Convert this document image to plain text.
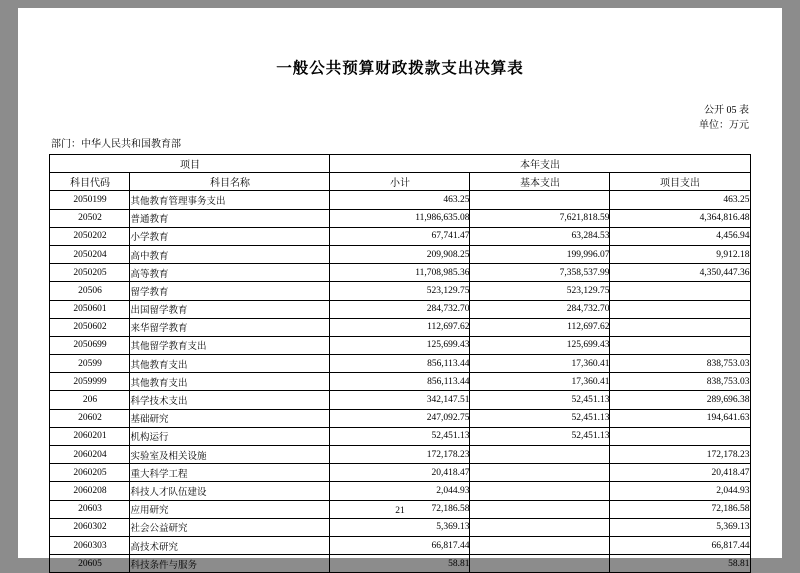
一般公共预算财政拨款支出决算表
公开 05 表
单位：万元
部门：中华人民共和国教育部
项目		本年支出		
科目代码	科目名称	小计	基本支出	项目支出
2050199	其他教育管理事务支出	463.25		463.25
20502	普通教育	11,986,635.08	7,621,818.59	4,364,816.48
2050202	小学教育	67,741.47	63,284.53	4,456.94
2050204	高中教育	209,908.25	199,996.07	9,912.18
2050205	高等教育	11,708,985.36	7,358,537.99	4,350,447.36
20506	留学教育	523,129.75	523,129.75	
2050601	出国留学教育	284,732.70	284,732.70	
2050602	来华留学教育	112,697.62	112,697.62	
2050699	其他留学教育支出	125,699.43	125,699.43	
20599	其他教育支出	856,113.44	17,360.41	838,753.03
2059999	其他教育支出	856,113.44	17,360.41	838,753.03
206	科学技术支出	342,147.51	52,451.13	289,696.38
20602	基础研究	247,092.75	52,451.13	194,641.63
2060201	机构运行	52,451.13	52,451.13	
2060204	实验室及相关设施	172,178.23		172,178.23
2060205	重大科学工程	20,418.47		20,418.47
2060208	科技人才队伍建设	2,044.93		2,044.93
20603	应用研究	72,186.58		72,186.58
2060302	社会公益研究	5,369.13		5,369.13
2060303	高技术研究	66,817.44		66,817.44
20605	科技条件与服务	58.81		58.81
21
